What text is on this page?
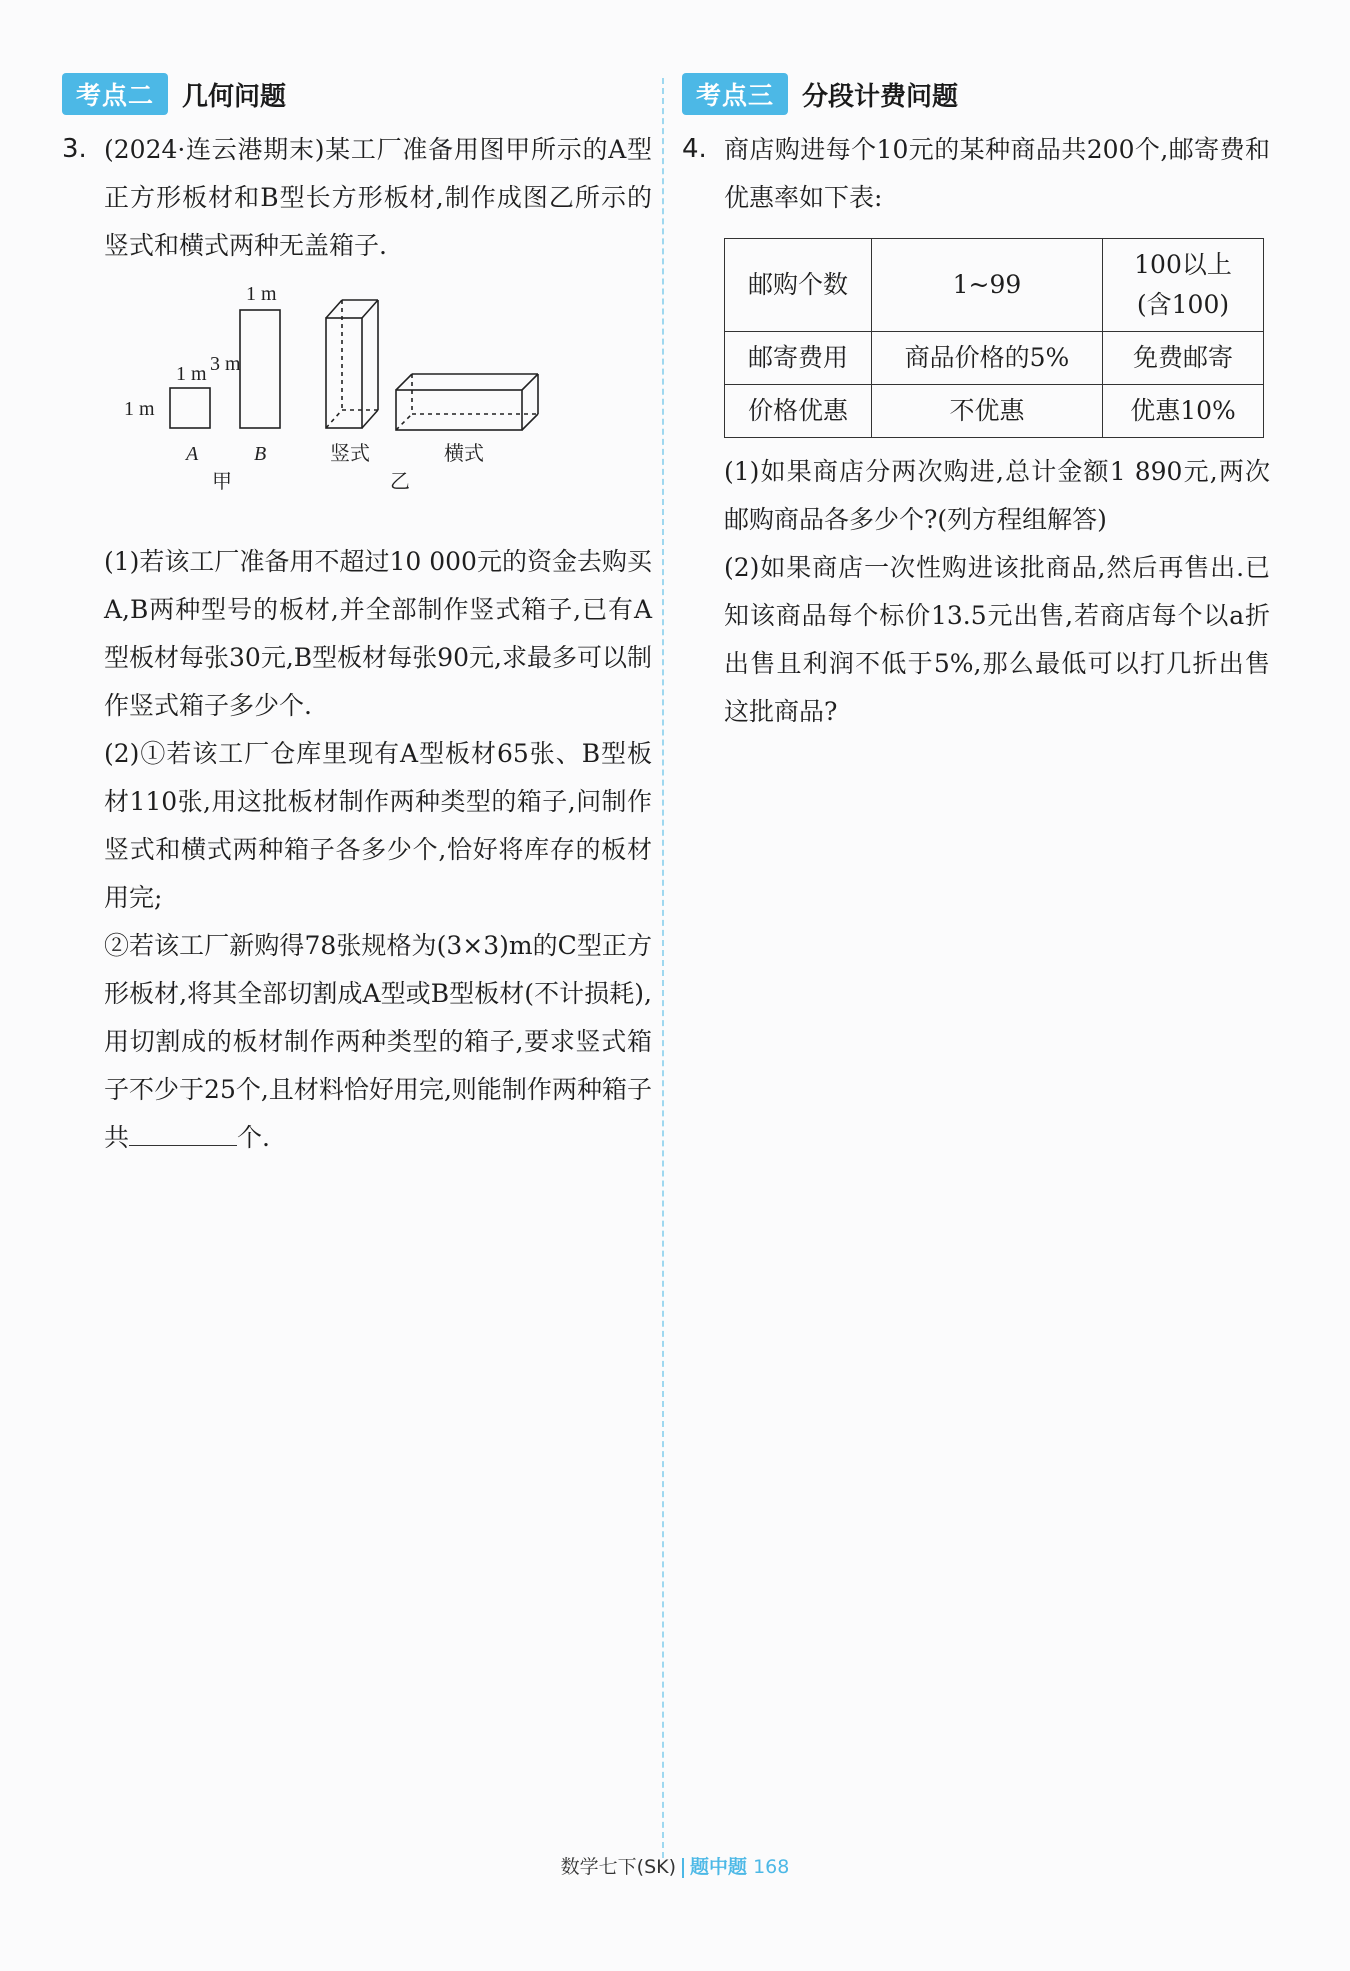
考点二	几何问题
3. (2024·连云港期末)某工厂准备用图甲所示的A型正方形板材和B型长方形板材,制作成图乙所示的竖式和横式两种无盖箱子.
1 m
1 m
1 m
3 m
A	B	竖式	横式
甲	乙
(1)若该工厂准备用不超过10 000元的资金去购买A,B两种型号的板材,并全部制作竖式箱子,已有A型板材每张30元,B型板材每张90元,求最多可以制作竖式箱子多少个.
(2)①若该工厂仓库里现有A型板材65张、B型板材110张,用这批板材制作两种类型的箱子,问制作竖式和横式两种箱子各多少个,恰好将库存的板材用完;
②若该工厂新购得78张规格为(3×3)m的C型正方形板材,将其全部切割成A型或B型板材(不计损耗),用切割成的板材制作两种类型的箱子,要求竖式箱子不少于25个,且材料恰好用完,则能制作两种箱子共	个.
考点三	分段计费问题
4. 商店购进每个10元的某种商品共200个,邮寄费和优惠率如下表:
邮购个数	1~99	100以上
(含100)

邮寄费用	商品价格的5%	免费邮寄
价格优惠	不优惠	优惠10%
(1)如果商店分两次购进,总计金额1 890元,两次邮购商品各多少个?(列方程组解答)
(2)如果商店一次性购进该批商品,然后再售出.已知该商品每个标价13.5元出售,若商店每个以a折出售且利润不低于5%,那么最低可以打几折出售这批商品?
数学七下(SK) 题中题 168
